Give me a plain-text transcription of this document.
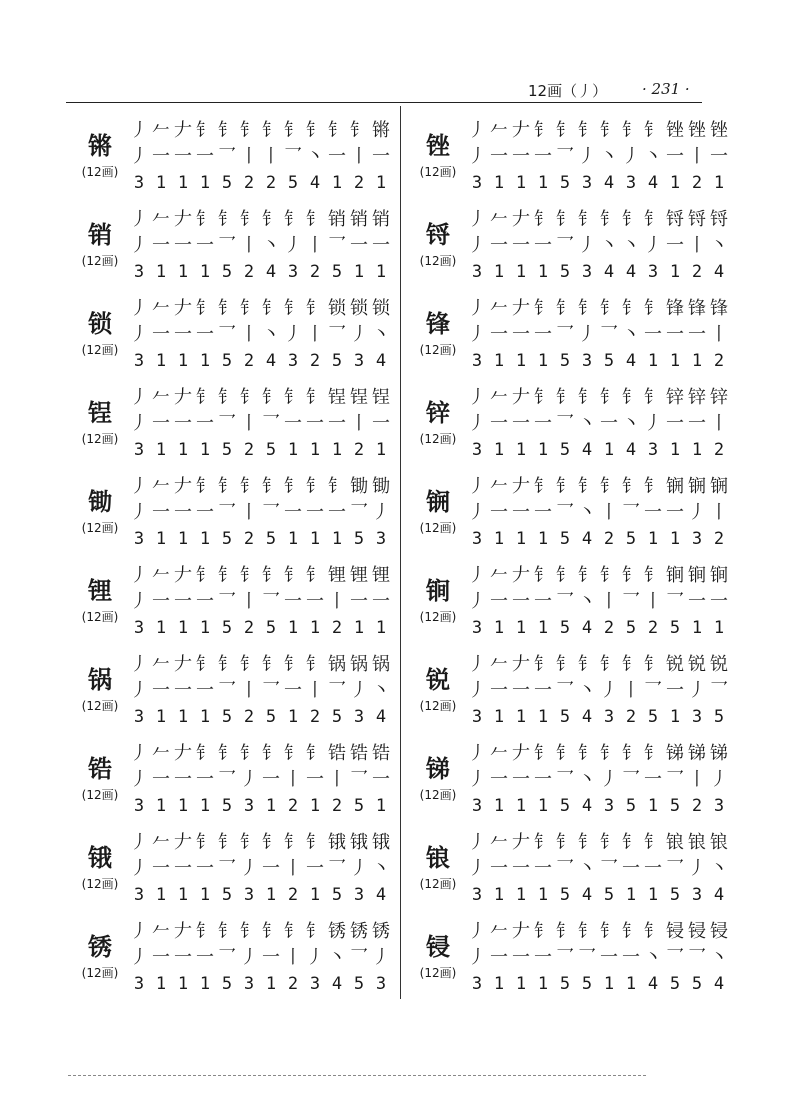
12画（丿） · 231 ·
锵
(12画)
丿 𠂉 𠂇 钅 钅 钅 钅 钅 钅 钅 钅 锵
丿 一 一 一 乛 丨 丨 乛 丶 一 丨 一
3 1 1 1 5 2 2 5 4 1 2 1
销
(12画)
丿 𠂉 𠂇 钅 钅 钅 钅 钅 钅 销 销 销
丿 一 一 一 乛 丨 丶 丿 丨 乛 一 一
3 1 1 1 5 2 4 3 2 5 1 1
锁
(12画)
丿 𠂉 𠂇 钅 钅 钅 钅 钅 钅 锁 锁 锁
丿 一 一 一 乛 丨 丶 丿 丨 乛 丿 丶
3 1 1 1 5 2 4 3 2 5 3 4
锃
(12画)
丿 𠂉 𠂇 钅 钅 钅 钅 钅 钅 锃 锃 锃
丿 一 一 一 乛 丨 乛 一 一 一 丨 一
3 1 1 1 5 2 5 1 1 1 2 1
锄
(12画)
丿 𠂉 𠂇 钅 钅 钅 钅 钅 钅 钅 锄 锄
丿 一 一 一 乛 丨 乛 一 一 一 乛 丿
3 1 1 1 5 2 5 1 1 1 5 3
锂
(12画)
丿 𠂉 𠂇 钅 钅 钅 钅 钅 钅 锂 锂 锂
丿 一 一 一 乛 丨 乛 一 一 丨 一 一
3 1 1 1 5 2 5 1 1 2 1 1
锅
(12画)
丿 𠂉 𠂇 钅 钅 钅 钅 钅 钅 锅 锅 锅
丿 一 一 一 乛 丨 乛 一 丨 乛 丿 丶
3 1 1 1 5 2 5 1 2 5 3 4
锆
(12画)
丿 𠂉 𠂇 钅 钅 钅 钅 钅 钅 锆 锆 锆
丿 一 一 一 乛 丿 一 丨 一 丨 乛 一
3 1 1 1 5 3 1 2 1 2 5 1
锇
(12画)
丿 𠂉 𠂇 钅 钅 钅 钅 钅 钅 锇 锇 锇
丿 一 一 一 乛 丿 一 丨 一 乛 丿 丶
3 1 1 1 5 3 1 2 1 5 3 4
锈
(12画)
丿 𠂉 𠂇 钅 钅 钅 钅 钅 钅 锈 锈 锈
丿 一 一 一 乛 丿 一 丨 丿 丶 乛 丿
3 1 1 1 5 3 1 2 3 4 5 3
锉
(12画)
丿 𠂉 𠂇 钅 钅 钅 钅 钅 钅 锉 锉 锉
丿 一 一 一 乛 丿 丶 丿 丶 一 丨 一
3 1 1 1 5 3 4 3 4 1 2 1
锊
(12画)
丿 𠂉 𠂇 钅 钅 钅 钅 钅 钅 锊 锊 锊
丿 一 一 一 乛 丿 丶 丶 丿 一 丨 丶
3 1 1 1 5 3 4 4 3 1 2 4
锋
(12画)
丿 𠂉 𠂇 钅 钅 钅 钅 钅 钅 锋 锋 锋
丿 一 一 一 乛 丿 乛 丶 一 一 一 丨
3 1 1 1 5 3 5 4 1 1 1 2
锌
(12画)
丿 𠂉 𠂇 钅 钅 钅 钅 钅 钅 锌 锌 锌
丿 一 一 一 乛 丶 一 丶 丿 一 一 丨
3 1 1 1 5 4 1 4 3 1 1 2
锎
(12画)
丿 𠂉 𠂇 钅 钅 钅 钅 钅 钅 锎 锎 锎
丿 一 一 一 乛 丶 丨 乛 一 一 丿 丨
3 1 1 1 5 4 2 5 1 1 3 2
锏
(12画)
丿 𠂉 𠂇 钅 钅 钅 钅 钅 钅 锏 锏 锏
丿 一 一 一 乛 丶 丨 乛 丨 乛 一 一
3 1 1 1 5 4 2 5 2 5 1 1
锐
(12画)
丿 𠂉 𠂇 钅 钅 钅 钅 钅 钅 锐 锐 锐
丿 一 一 一 乛 丶 丿 丨 乛 一 丿 乛
3 1 1 1 5 4 3 2 5 1 3 5
锑
(12画)
丿 𠂉 𠂇 钅 钅 钅 钅 钅 钅 锑 锑 锑
丿 一 一 一 乛 丶 丿 乛 一 乛 丨 丿
3 1 1 1 5 4 3 5 1 5 2 3
锒
(12画)
丿 𠂉 𠂇 钅 钅 钅 钅 钅 钅 锒 锒 锒
丿 一 一 一 乛 丶 乛 一 一 乛 丿 丶
3 1 1 1 5 4 5 1 1 5 3 4
锓
(12画)
丿 𠂉 𠂇 钅 钅 钅 钅 钅 钅 锓 锓 锓
丿 一 一 一 乛 乛 一 一 丶 乛 乛 丶
3 1 1 1 5 5 1 1 4 5 5 4
